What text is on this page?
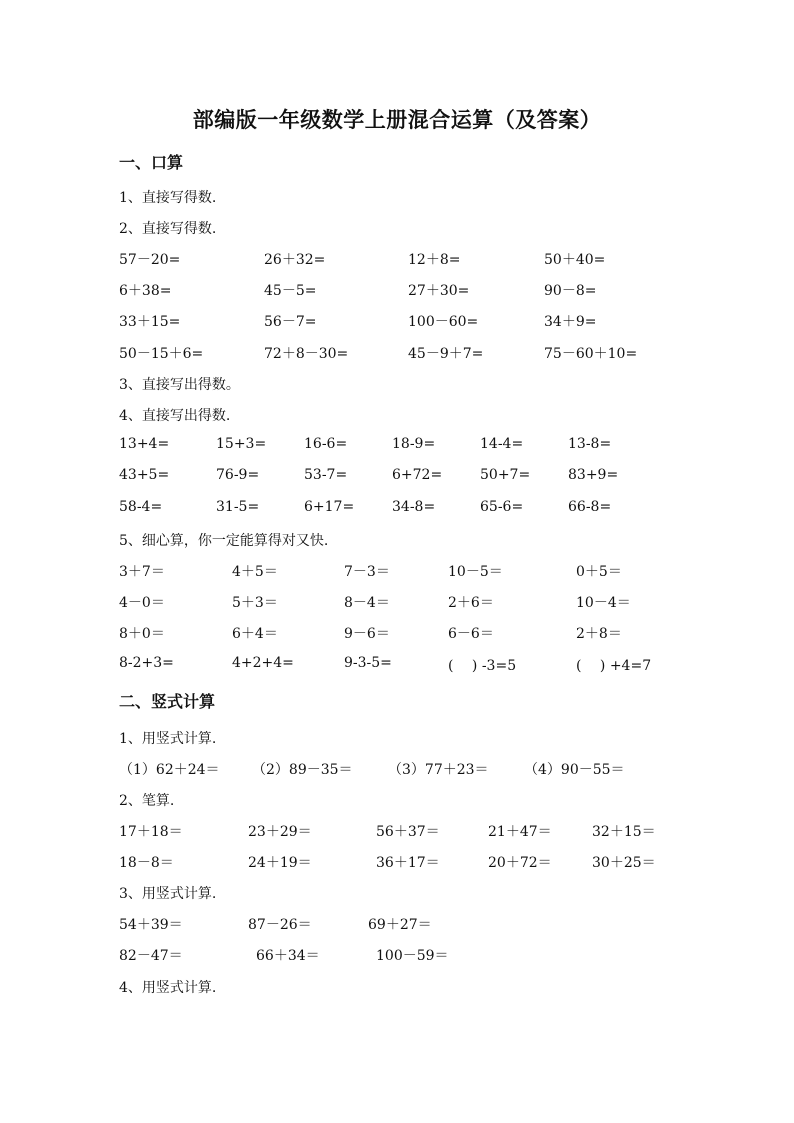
部编版一年级数学上册混合运算（及答案）
一、口算
1、直接写得数.
2、直接写得数.
57－20=	26＋32=	12＋8=	50＋40=
6＋38=	45－5=	27＋30=	90－8=
33＋15=	56－7=	100－60=	34＋9=
50－15＋6=	72＋8－30=	45－9＋7=	75－60＋10=
3、直接写出得数。
4、直接写出得数.
13+4=	15+3=	16-6=	18-9=	14-4=	13-8=
43+5=	76-9=	53-7=	6+72=	50+7=	83+9=
58-4=	31-5=	6+17=	34-8=	65-6=	66-8=
5、细心算，你一定能算得对又快.
3＋7＝	4＋5＝	7－3＝	10－5＝	0＋5＝
4－0＝	5＋3＝	8－4＝	2＋6＝	10－4＝
8＋0＝	6＋4＝	9－6＝	6－6＝	2＋8＝
8-2+3=	4+2+4=	9-3-5=	(　 ) -3=5	(　 ) +4=7
二、竖式计算
1、用竖式计算.
（1）62＋24＝ （2）89－35＝	（3）77＋23＝	（4）90－55＝
2、笔算.
17＋18＝	23＋29＝	56＋37＝	21＋47＝	32＋15＝
18－8＝	24＋19＝	36＋17＝	20＋72＝	30＋25＝
3、用竖式计算.
54＋39＝	87－26＝	69＋27＝
82－47＝	66＋34＝	100－59＝
4、用竖式计算.
